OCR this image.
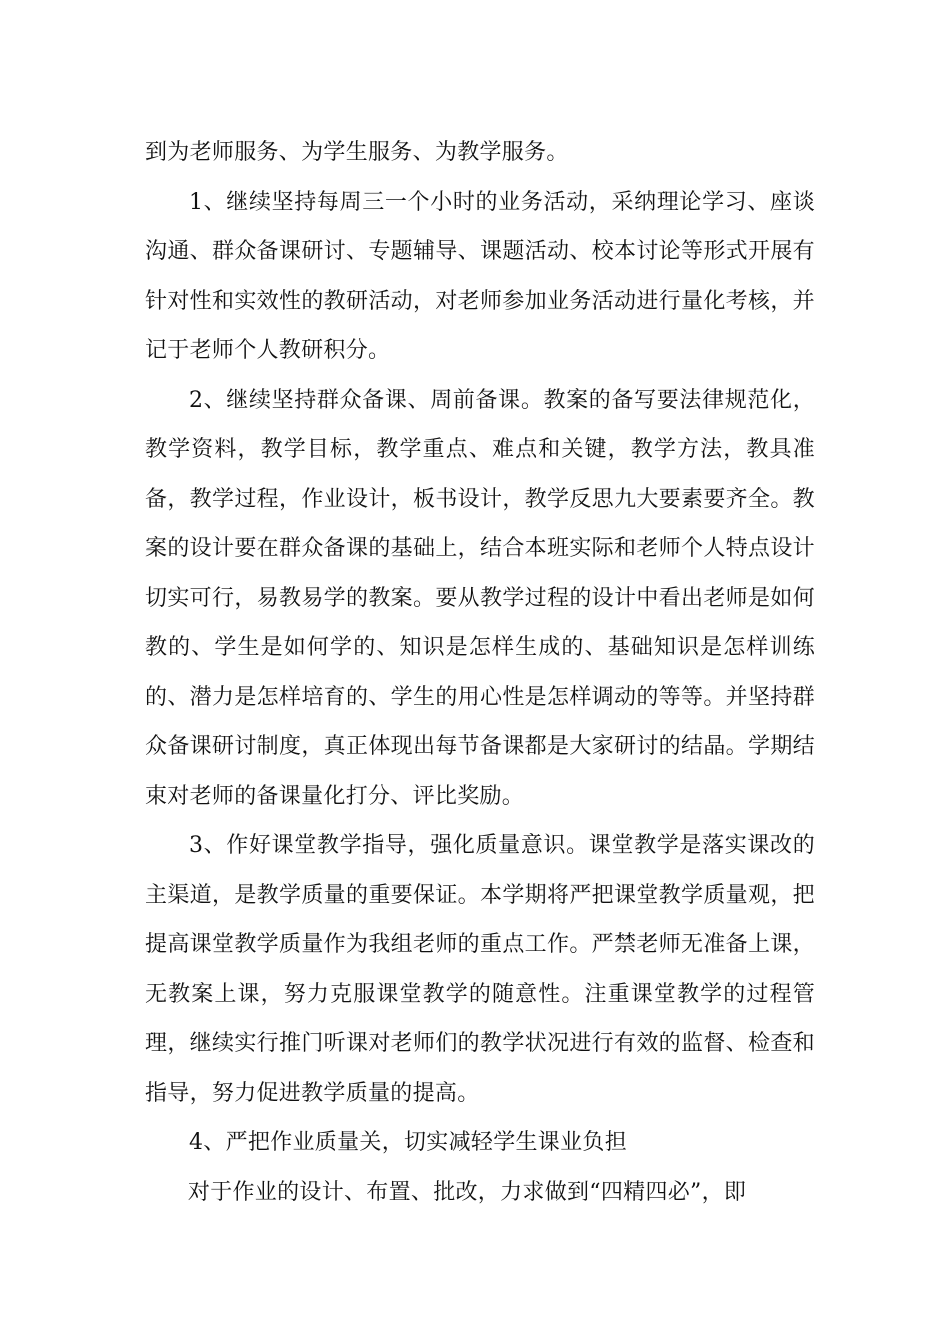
到为老师服务、为学生服务、为教学服务。

1、继续坚持每周三一个小时的业务活动，采纳理论学习、座谈沟通、群众备课研讨、专题辅导、课题活动、校本讨论等形式开展有针对性和实效性的教研活动，对老师参加业务活动进行量化考核，并记于老师个人教研积分。

2、继续坚持群众备课、周前备课。教案的备写要法律规范化，教学资料，教学目标，教学重点、难点和关键，教学方法，教具准备，教学过程，作业设计，板书设计，教学反思九大要素要齐全。教案的设计要在群众备课的基础上，结合本班实际和老师个人特点设计切实可行，易教易学的教案。要从教学过程的设计中看出老师是如何教的、学生是如何学的、知识是怎样生成的、基础知识是怎样训练的、潜力是怎样培育的、学生的用心性是怎样调动的等等。并坚持群众备课研讨制度，真正体现出每节备课都是大家研讨的结晶。学期结束对老师的备课量化打分、评比奖励。

3、作好课堂教学指导，强化质量意识。课堂教学是落实课改的主渠道，是教学质量的重要保证。本学期将严把课堂教学质量观，把提高课堂教学质量作为我组老师的重点工作。严禁老师无准备上课，无教案上课，努力克服课堂教学的随意性。注重课堂教学的过程管理，继续实行推门听课对老师们的教学状况进行有效的监督、检查和指导，努力促进教学质量的提高。

4、严把作业质量关，切实减轻学生课业负担

对于作业的设计、布置、批改，力求做到“四精四必”，即
